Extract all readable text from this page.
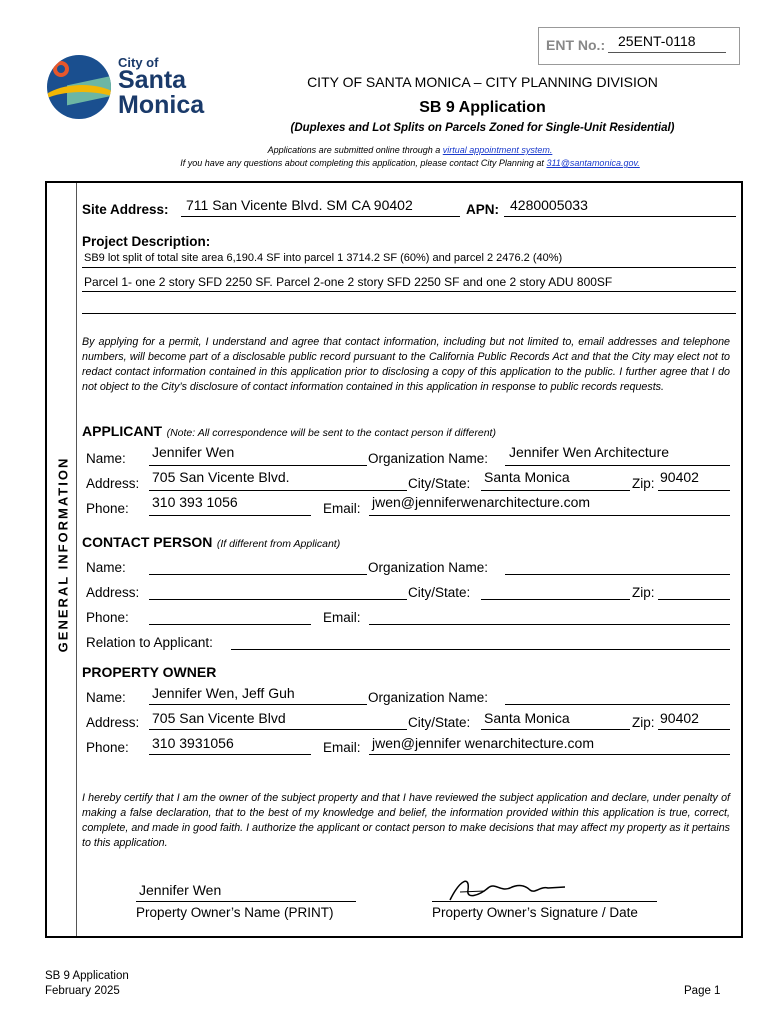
ENT No.: 25ENT-0118
City of
Santa
Monica
CITY OF SANTA MONICA – CITY PLANNING DIVISION
SB 9 Application
(Duplexes and Lot Splits on Parcels Zoned for Single-Unit Residential)
Applications are submitted online through a virtual appointment system.
If you have any questions about completing this application, please contact City Planning at 311@santamonica.gov.
GENERAL INFORMATION
Site Address: 711 San Vicente Blvd. SM CA 90402	APN: 4280005033
Project Description:
SB9 lot split of total site area 6,190.4 SF into parcel 1 3714.2 SF (60%) and parcel 2 2476.2 (40%)
Parcel 1- one 2 story SFD 2250 SF. Parcel 2-one 2 story SFD 2250 SF and one 2 story ADU 800SF
By applying for a permit, I understand and agree that contact information, including but not limited to, email addresses and telephone numbers, will become part of a disclosable public record pursuant to the California Public Records Act and that the City may elect not to redact contact information contained in this application prior to disclosing a copy of this application to the public. I further agree that I do not object to the City’s disclosure of contact information contained in this application in response to public records requests.
APPLICANT (Note: All correspondence will be sent to the contact person if different)
Name: Jennifer Wen	Organization Name: Jennifer Wen Architecture
Address: 705 San Vicente Blvd.	City/State: Santa Monica	Zip: 90402
Phone: 310 393 1056	Email: jwen@jenniferwenarchitecture.com
CONTACT PERSON (If different from Applicant)
Name:	Organization Name:
Address:	City/State:	Zip:
Phone:	Email:
Relation to Applicant:
PROPERTY OWNER
Name: Jennifer Wen, Jeff Guh	Organization Name:
Address: 705 San Vicente Blvd	City/State: Santa Monica	Zip: 90402
Phone: 310 3931056	Email: jwen@jennifer wenarchitecture.com
I hereby certify that I am the owner of the subject property and that I have reviewed the subject application and declare, under penalty of making a false declaration, that to the best of my knowledge and belief, the information provided within this application is true, correct, complete, and made in good faith. I authorize the applicant or contact person to make decisions that may affect my property as it pertains to this application.
Jennifer Wen
Property Owner’s Name (PRINT)	Property Owner’s Signature / Date
SB 9 Application
February 2025	Page 1
